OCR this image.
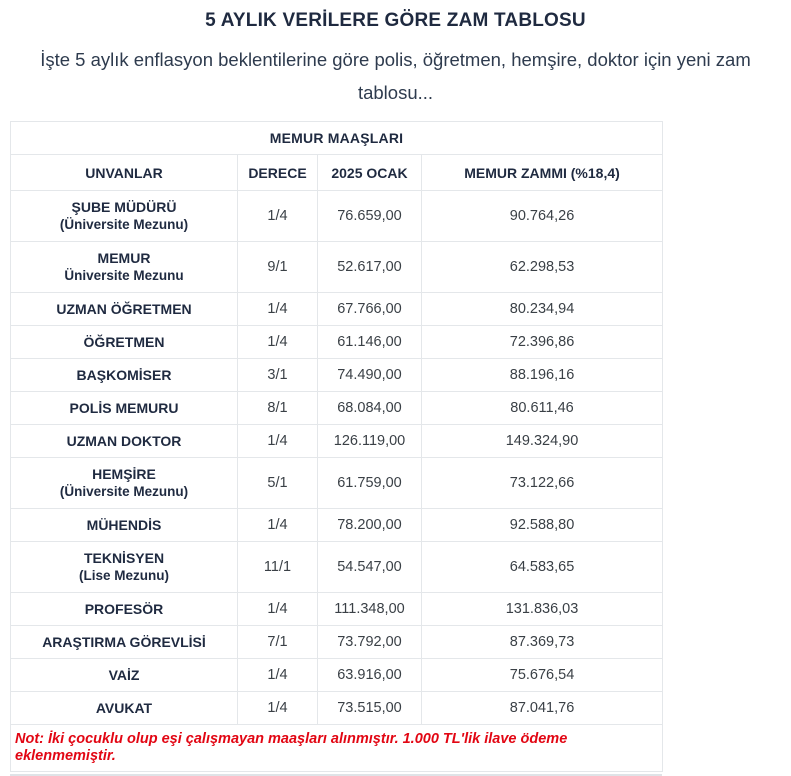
5 AYLIK VERİLERE GÖRE ZAM TABLOSU

İşte 5 aylık enflasyon beklentilerine göre polis, öğretmen, hemşire, doktor için yeni zam tablosu...

MEMUR MAAŞLARI			
UNVANLAR	DERECE	2025 OCAK	MEMUR ZAMMI (%18,4)

ŞUBE MÜDÜRÜ
(Üniversite Mezunu)	1/4	76.659,00	90.764,26

MEMUR
Üniversite Mezunu	9/1	52.617,00	62.298,53

UZMAN ÖĞRETMEN	1/4	67.766,00	80.234,94

ÖĞRETMEN	1/4	61.146,00	72.396,86

BAŞKOMİSER	3/1	74.490,00	88.196,16

POLİS MEMURU	8/1	68.084,00	80.611,46

UZMAN DOKTOR	1/4	126.119,00	149.324,90

HEMŞİRE
(Üniversite Mezunu)	5/1	61.759,00	73.122,66

MÜHENDİS	1/4	78.200,00	92.588,80

TEKNİSYEN
(Lise Mezunu)	11/1	54.547,00	64.583,65

PROFESÖR	1/4	111.348,00	131.836,03

ARAŞTIRMA GÖREVLİSİ	7/1	73.792,00	87.369,73

VAİZ	1/4	63.916,00	75.676,54

AVUKAT	1/4	73.515,00	87.041,76
Not: İki çocuklu olup eşi çalışmayan maaşları alınmıştır. 1.000 TL'lik ilave ödeme eklenmemiştir.			
